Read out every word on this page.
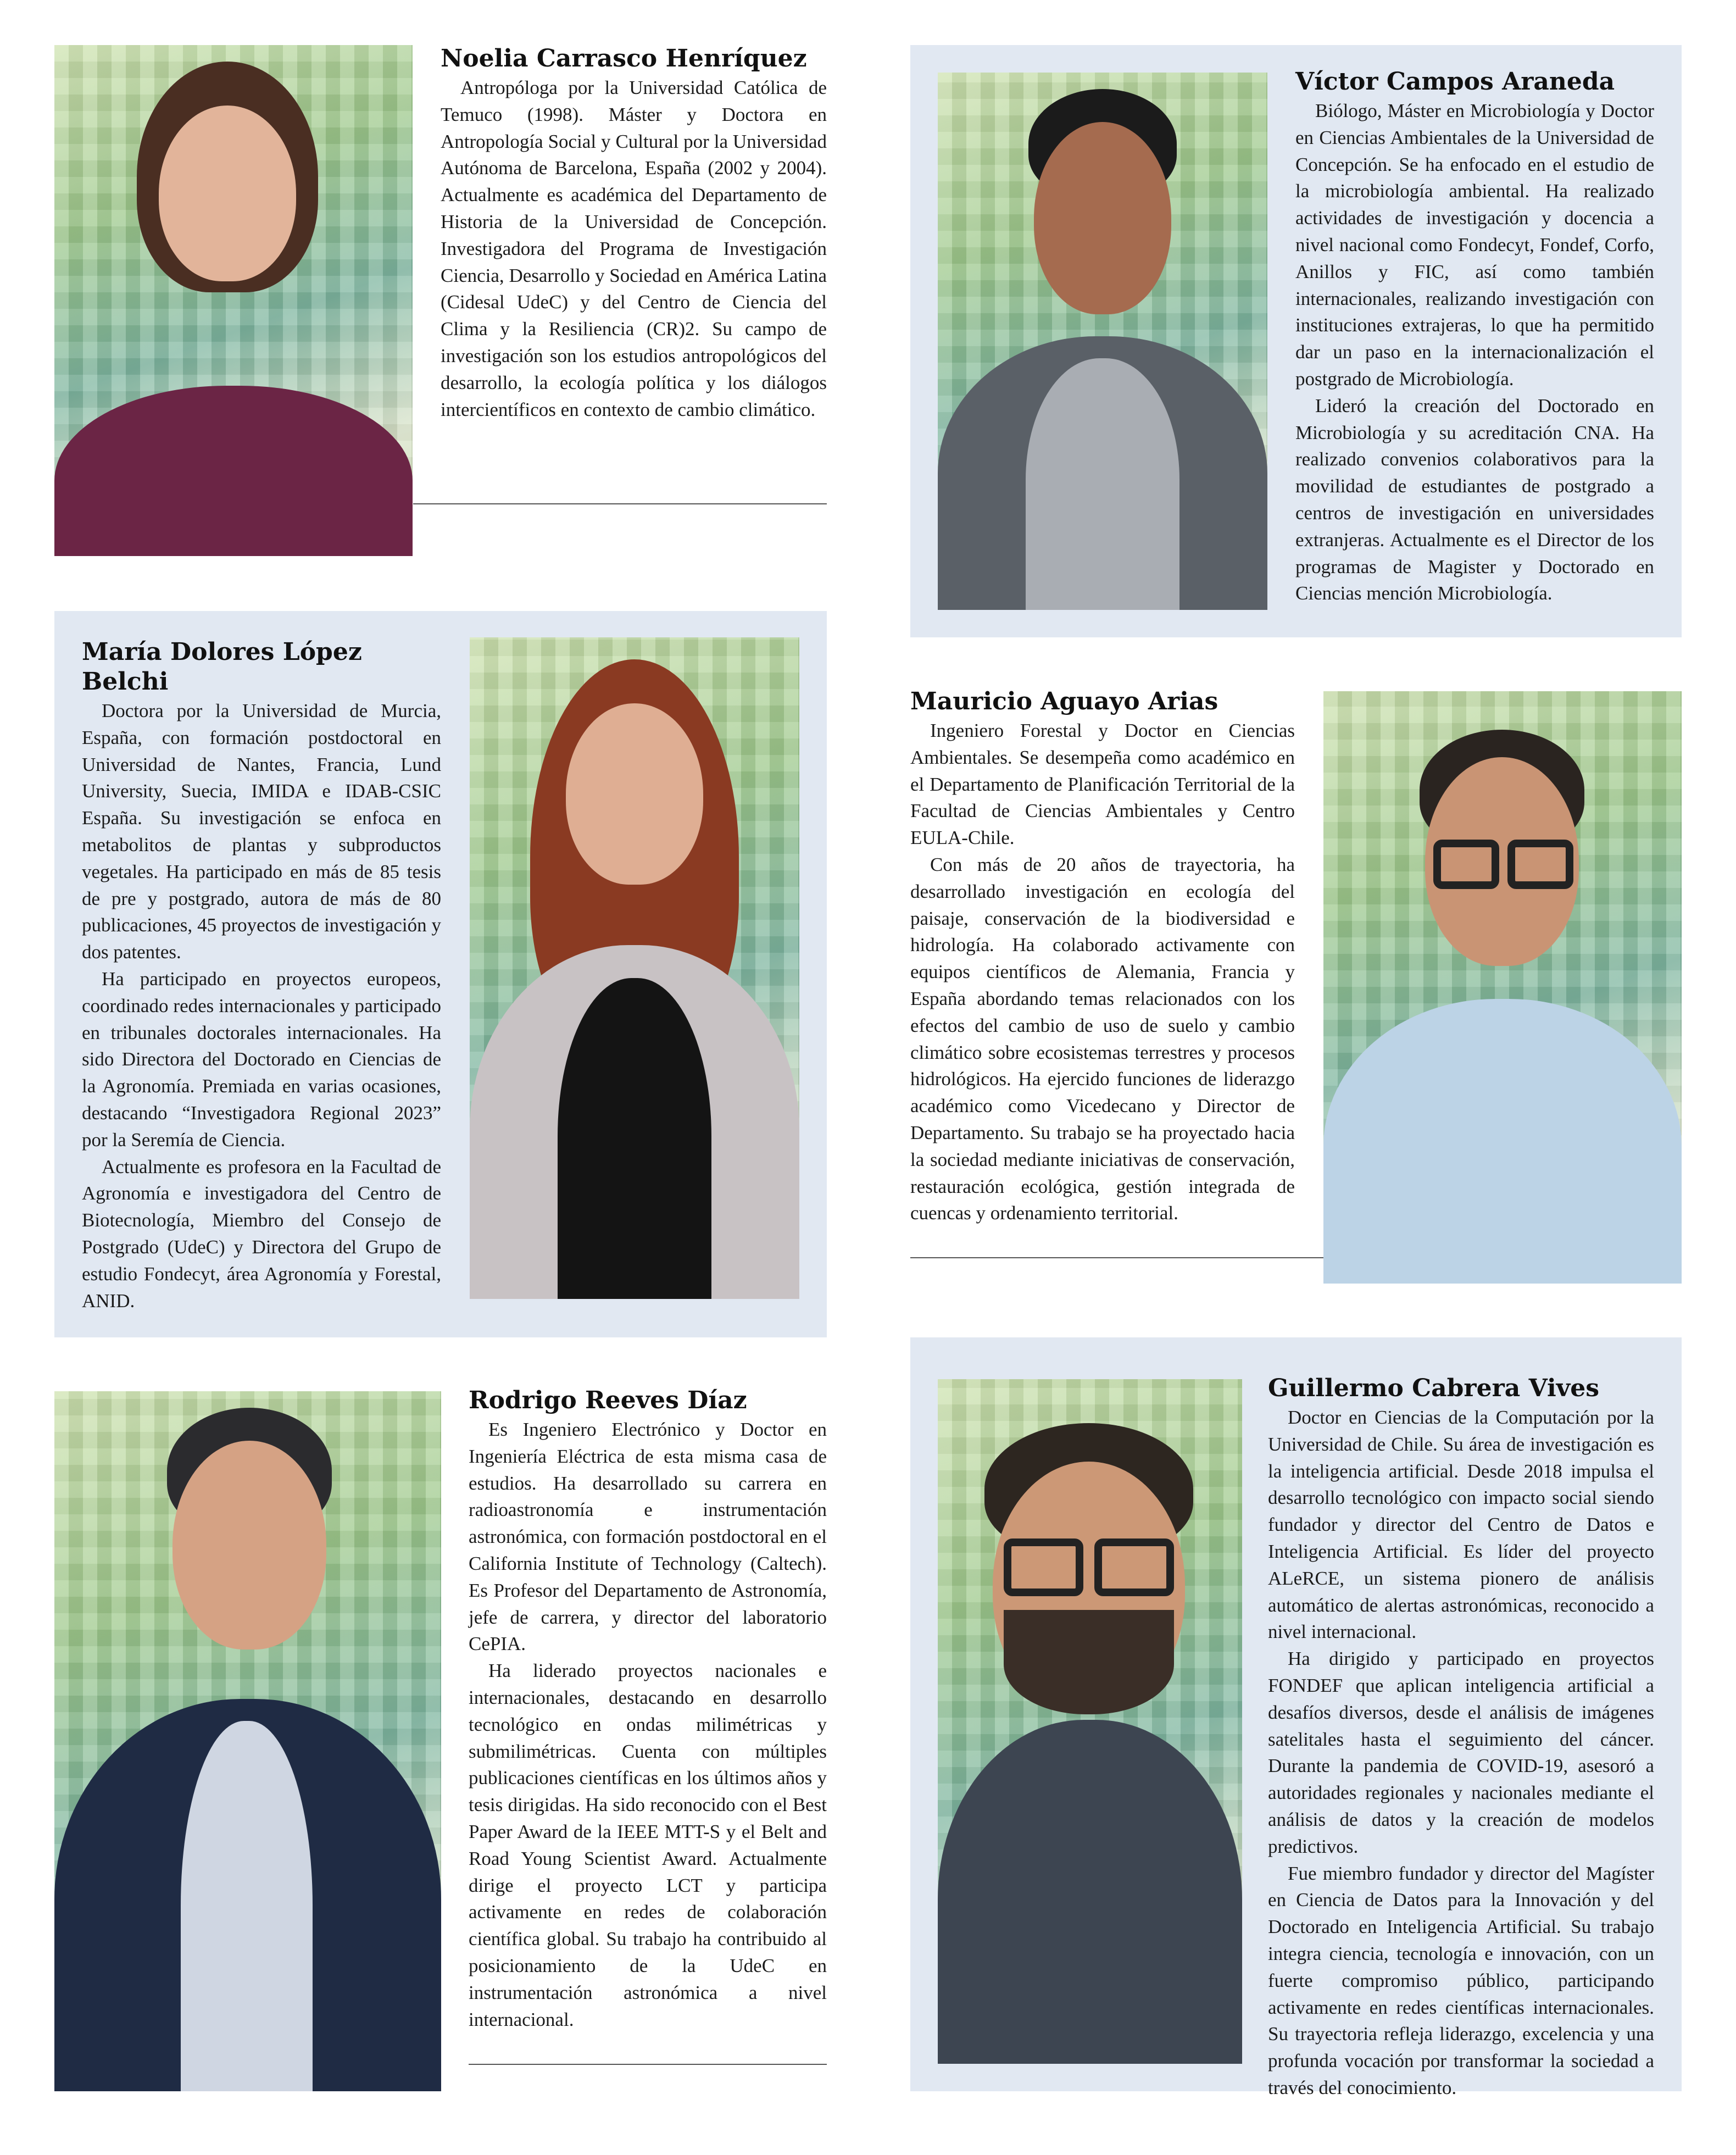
Noelia Carrasco Henríquez

Antropóloga por la Universidad Católica de Temuco (1998). Máster y Doctora en Antropología Social y Cultural por la Universidad Autónoma de Barcelona, España (2002 y 2004). Actualmente es académica del Departamento de Historia de la Universidad de Concepción. Investigadora del Programa de Investigación Ciencia, Desarrollo y Sociedad en América Latina (Cidesal UdeC) y del Centro de Ciencia del Clima y la Resiliencia (CR)2. Su campo de investigación son los estudios antropológicos del desarrollo, la ecología política y los diálogos intercientíficos en contexto de cambio climático.

Víctor Campos Araneda

Biólogo, Máster en Microbiología y Doctor en Ciencias Ambientales de la Universidad de Concepción. Se ha enfocado en el estudio de la microbiología ambiental. Ha realizado actividades de investigación y docencia a nivel nacional como Fondecyt, Fondef, Corfo, Anillos y FIC, así como también internacionales, realizando investigación con instituciones extrajeras, lo que ha permitido dar un paso en la internacionalización el postgrado de Microbiología.

Lideró la creación del Doctorado en Microbiología y su acreditación CNA. Ha realizado convenios colaborativos para la movilidad de estudiantes de postgrado a centros de investigación en universidades extranjeras. Actualmente es el Director de los programas de Magister y Doctorado en Ciencias mención Microbiología.

María Dolores López Belchi

Doctora por la Universidad de Murcia, España, con formación postdoctoral en Universidad de Nantes, Francia, Lund University, Suecia, IMIDA e IDAB-CSIC España. Su investigación se enfoca en metabolitos de plantas y subproductos vegetales. Ha participado en más de 85 tesis de pre y postgrado, autora de más de 80 publicaciones, 45 proyectos de investigación y dos patentes.

Ha participado en proyectos europeos, coordinado redes internacionales y participado en tribunales doctorales internacionales. Ha sido Directora del Doctorado en Ciencias de la Agronomía. Premiada en varias ocasiones, destacando “Investigadora Regional 2023” por la Seremía de Ciencia.

Actualmente es profesora en la Facultad de Agronomía e investigadora del Centro de Biotecnología, Miembro del Consejo de Postgrado (UdeC) y Directora del Grupo de estudio Fondecyt, área Agronomía y Forestal, ANID.

Mauricio Aguayo Arias

Ingeniero Forestal y Doctor en Ciencias Ambientales. Se desempeña como académico en el Departamento de Planificación Territorial de la Facultad de Ciencias Ambientales y Centro EULA-Chile.

Con más de 20 años de trayectoria, ha desarrollado investigación en ecología del paisaje, conservación de la biodiversidad e hidrología. Ha colaborado activamente con equipos científicos de Alemania, Francia y España abordando temas relacionados con los efectos del cambio de uso de suelo y cambio climático sobre ecosistemas terrestres y procesos hidrológicos. Ha ejercido funciones de liderazgo académico como Vicedecano y Director de Departamento. Su trabajo se ha proyectado hacia la sociedad mediante iniciativas de conservación, restauración ecológica, gestión integrada de cuencas y ordenamiento territorial.

Rodrigo Reeves Díaz

Es Ingeniero Electrónico y Doctor en Ingeniería Eléctrica de esta misma casa de estudios. Ha desarrollado su carrera en radioastronomía e instrumentación astronómica, con formación postdoctoral en el California Institute of Technology (Caltech). Es Profesor del Departamento de Astronomía, jefe de carrera, y director del laboratorio CePIA.

Ha liderado proyectos nacionales e internacionales, destacando en desarrollo tecnológico en ondas milimétricas y submilimétricas. Cuenta con múltiples publicaciones científicas en los últimos años y tesis dirigidas. Ha sido reconocido con el Best Paper Award de la IEEE MTT-S y el Belt and Road Young Scientist Award. Actualmente dirige el proyecto LCT y participa activamente en redes de colaboración científica global. Su trabajo ha contribuido al posicionamiento de la UdeC en instrumentación astronómica a nivel internacional.

Guillermo Cabrera Vives

Doctor en Ciencias de la Computación por la Universidad de Chile. Su área de investigación es la inteligencia artificial. Desde 2018 impulsa el desarrollo tecnológico con impacto social siendo fundador y director del Centro de Datos e Inteligencia Artificial. Es líder del proyecto ALeRCE, un sistema pionero de análisis automático de alertas astronómicas, reconocido a nivel internacional.

Ha dirigido y participado en proyectos FONDEF que aplican inteligencia artificial a desafíos diversos, desde el análisis de imágenes satelitales hasta el seguimiento del cáncer. Durante la pandemia de COVID-19, asesoró a autoridades regionales y nacionales mediante el análisis de datos y la creación de modelos predictivos.

Fue miembro fundador y director del Magíster en Ciencia de Datos para la Innovación y del Doctorado en Inteligencia Artificial. Su trabajo integra ciencia, tecnología e innovación, con un fuerte compromiso público, participando activamente en redes científicas internacionales. Su trayectoria refleja liderazgo, excelencia y una profunda vocación por transformar la sociedad a través del conocimiento.
